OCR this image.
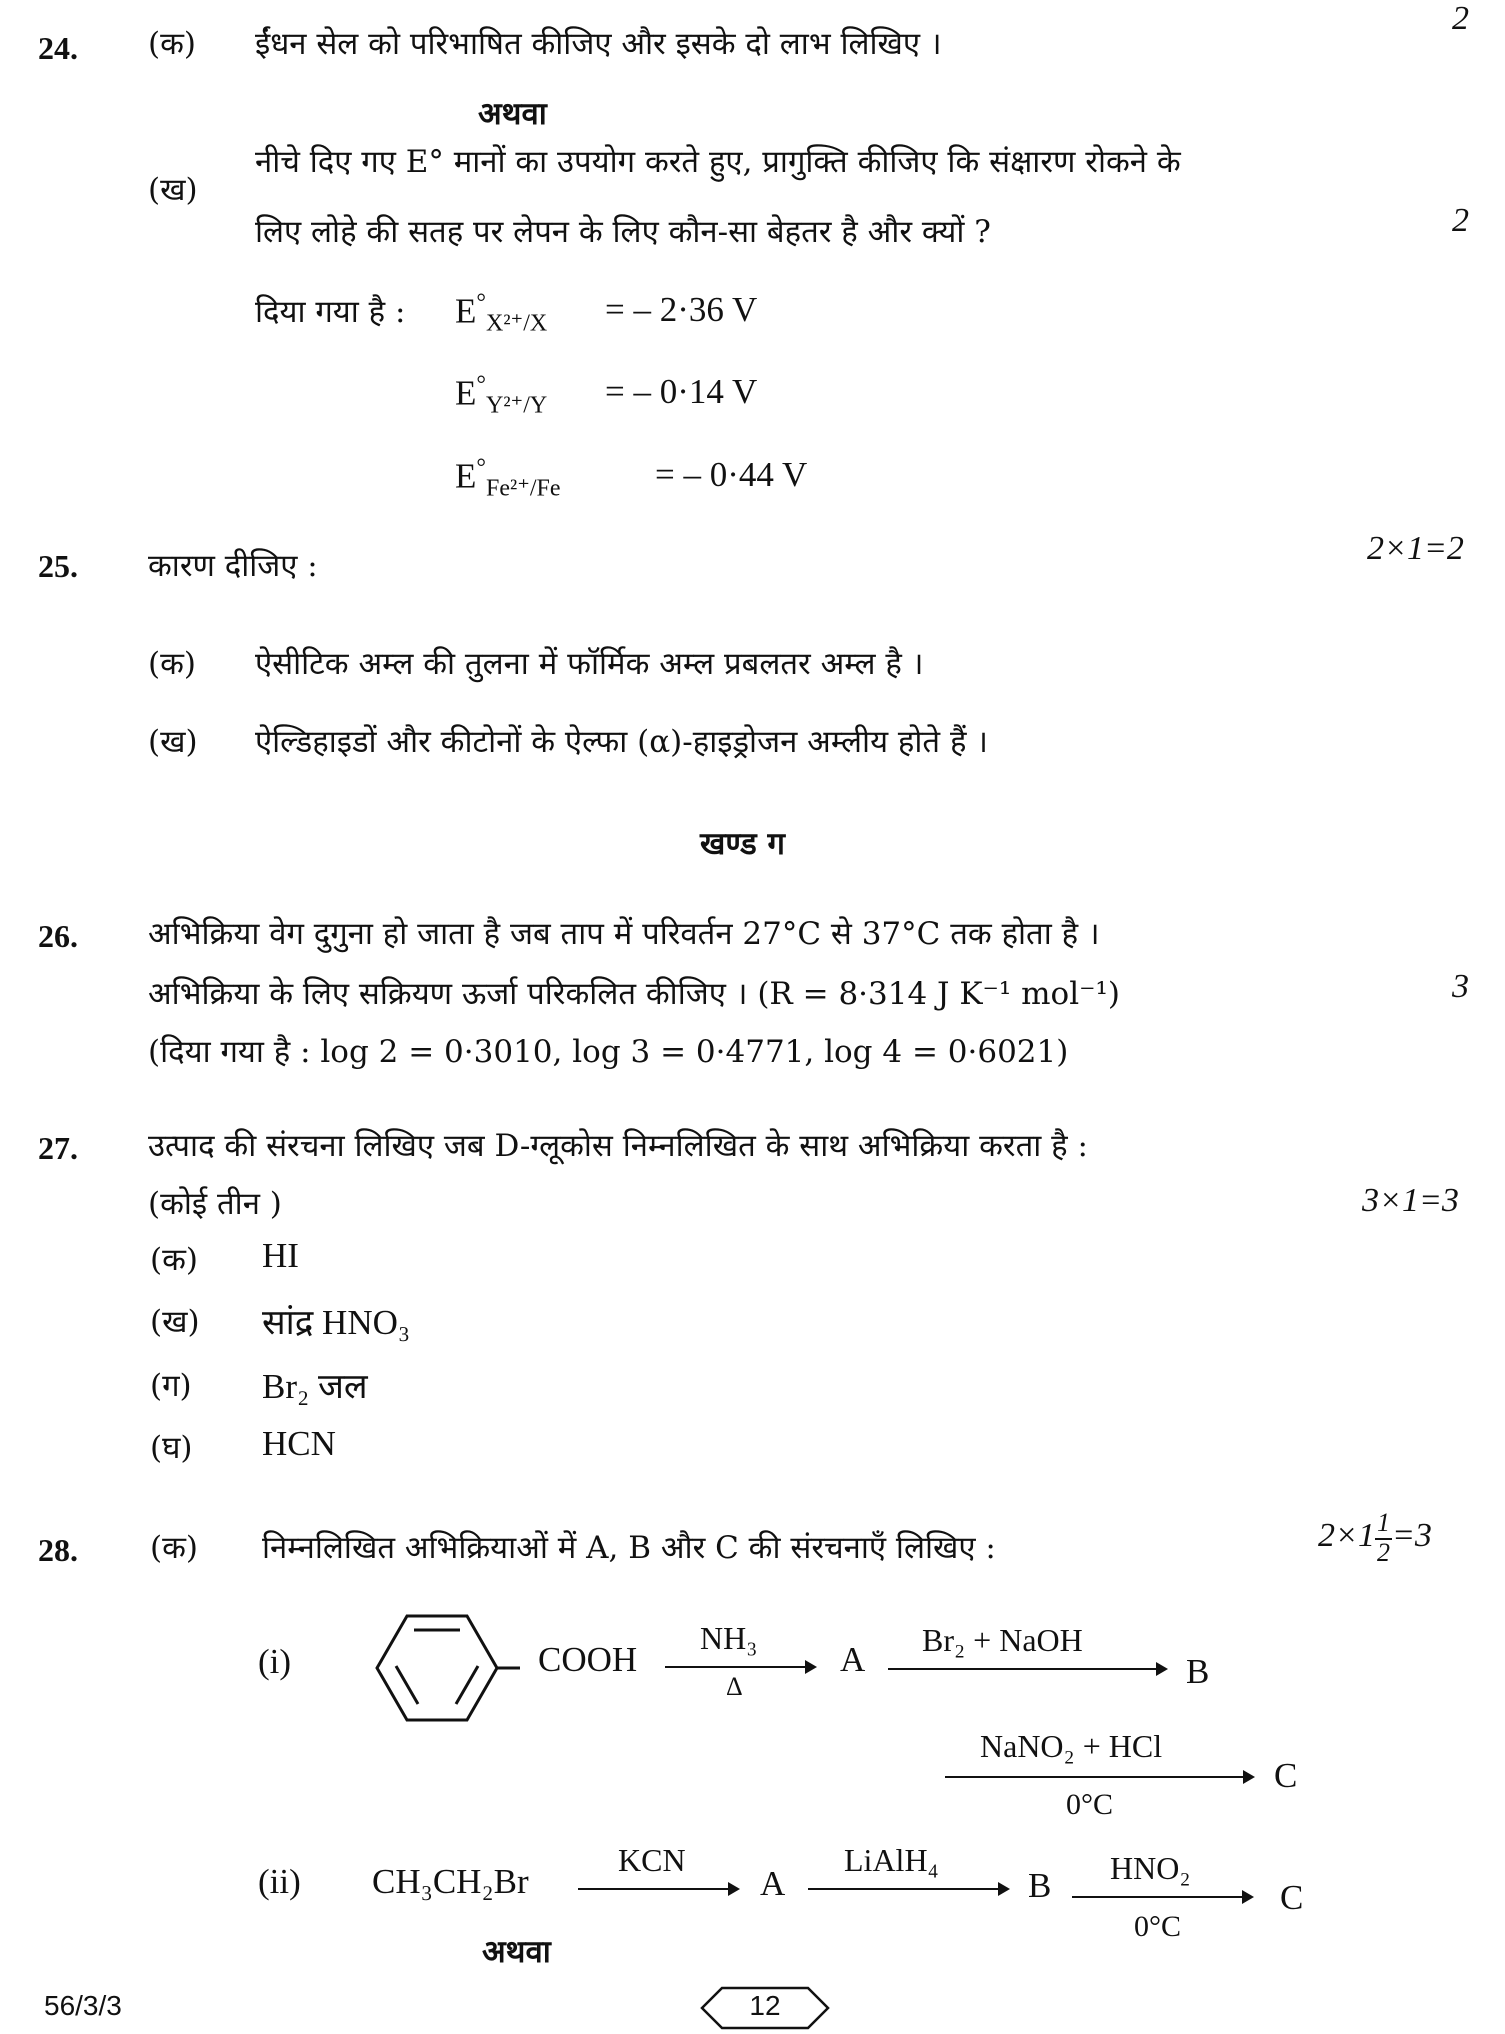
24. (क) ईंधन सेल को परिभाषित कीजिए और इसके दो लाभ लिखिए ।
2
अथवा
(ख)
नीचे दिए गए E° मानों का उपयोग करते हुए, प्रागुक्ति कीजिए कि संक्षारण रोकने के
लिए लोहे की सतह पर लेपन के लिए कौन-सा बेहतर है और क्यों ?	2
दिया गया है : $E^\circ_{X^{2+}/X}$ = – 2·36 V
$E^\circ_{Y^{2+}/Y}$ = – 0·14 V
$E^\circ_{Fe^{2+}/Fe}$	= – 0·44 V
25. कारण दीजिए :	2×1=2
(क) ऐसीटिक अम्ल की तुलना में फॉर्मिक अम्ल प्रबलतर अम्ल है ।
(ख) ऐल्डिहाइडों और कीटोनों के ऐल्फा (α)-हाइड्रोजन अम्लीय होते हैं ।
खण्ड ग
26. अभिक्रिया वेग दुगुना हो जाता है जब ताप में परिवर्तन 27°C से 37°C तक होता है ।
अभिक्रिया के लिए सक्रियण ऊर्जा परिकलित कीजिए । (R = 8·314 J K⁻¹ mol⁻¹)
(दिया गया है : log 2 = 0·3010, log 3 = 0·4771, log 4 = 0·6021)
3
27. उत्पाद की संरचना लिखिए जब D-ग्लूकोस निम्नलिखित के साथ अभिक्रिया करता है :
(कोई तीन )	3×1=3
(क) HI
(ख) सांद्र HNO₃
(ग) Br₂ जल
(घ) HCN
28. (क) निम्नलिखित अभिक्रियाओं में A, B और C की संरचनाएँ लिखिए :	$2\times 1 \frac{1}{2} =3$
(i)	COOH
NH₃
Δ
A Br₂ + NaOH
B
NaNO₂ + HCl
0°C
C
(ii) CH₃CH₂Br
KCN
A
LiAlH₄
B HNO₂
0°C
C
अथवा
56/3/3	12
